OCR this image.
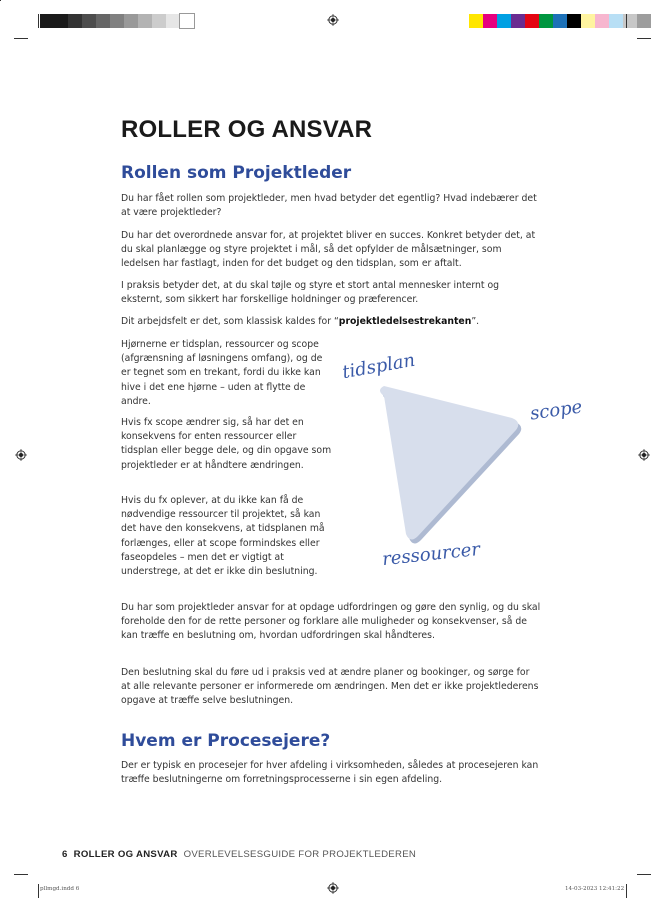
ROLLER OG ANSVAR
Rollen som Projektleder

Du har fået rollen som projektleder, men hvad betyder det egentlig? Hvad indebærer det at være projektleder?

Du har det overordnede ansvar for, at projektet bliver en succes. Konkret betyder det, at du skal planlægge og styre projektet i mål, så det opfylder de målsætninger, som ledelsen har fastlagt, inden for det budget og den tidsplan, som er aftalt.

I praksis betyder det, at du skal tøjle og styre et stort antal mennesker internt og eksternt, som sikkert har forskellige holdninger og præferencer.

Dit arbejdsfelt er det, som klassisk kaldes for “projektledelsestrekanten”.

Hjørnerne er tidsplan, ressourcer og scope (afgrænsning af løsningens omfang), og de er tegnet som en trekant, fordi du ikke kan hive i det ene hjørne – uden at flytte de andre.

Hvis fx scope ændrer sig, så har det en konsekvens for enten ressourcer eller tidsplan eller begge dele, og din opgave som projektleder er at håndtere ændringen.

Hvis du fx oplever, at du ikke kan få de nødvendige ressourcer til projektet, så kan det have den konsekvens, at tidsplanen må forlænges, eller at scope formindskes eller faseopdeles – men det er vigtigt at understrege, at det er ikke din beslutning.

tidsplan
scope
ressourcer

Du har som projektleder ansvar for at opdage udfordringen og gøre den synlig, og du skal foreholde den for de rette personer og forklare alle muligheder og konsekvenser, så de kan træffe en beslutning om, hvordan udfordringen skal håndteres.

Den beslutning skal du føre ud i praksis ved at ændre planer og bookinger, og sørge for at alle relevante personer er informerede om ændringen. Men det er ikke projektlederens opgave at træffe selve beslutningen.

Hvem er Procesejere?

Der er typisk en procesejer for hver afdeling i virksomheden, således at procesejeren kan træffe beslutningerne om forretningsprocesserne i sin egen afdeling.

6 ROLLER OG ANSVAR OVERLEVELSESGUIDE FOR PROJEKTLEDEREN
pllmgd.indd 6	14-03-2023 12:41:22
